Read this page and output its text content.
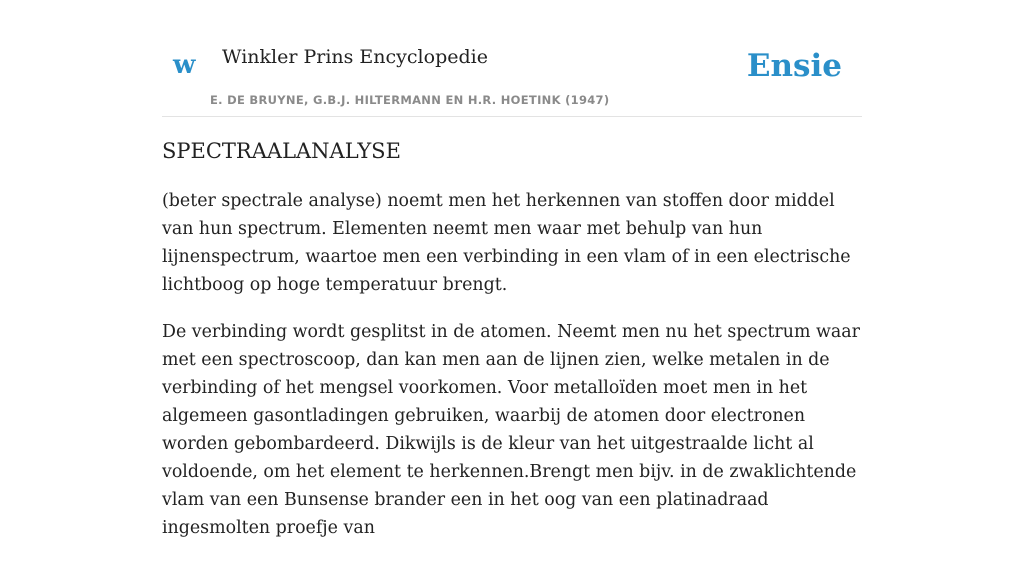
w Winkler Prins Encyclopedie
E. DE BRUYNE, G.B.J. HILTERMANN EN H.R. HOETINK (1947)
Ensie
SPECTRAALANALYSE

(beter spectrale analyse) noemt men het herkennen van stoffen door middel van hun spectrum. Elementen neemt men waar met behulp van hun lijnenspectrum, waartoe men een verbinding in een vlam of in een electrische lichtboog op hoge temperatuur brengt.

De verbinding wordt gesplitst in de atomen. Neemt men nu het spectrum waar met een spectroscoop, dan kan men aan de lijnen zien, welke metalen in de verbinding of het mengsel voorkomen. Voor metalloïden moet men in het algemeen gasontladingen gebruiken, waarbij de atomen door electronen worden gebombardeerd. Dikwijls is de kleur van het uitgestraalde licht al voldoende, om het element te herkennen.Brengt men bijv. in de zwaklichtende vlam van een Bunsense brander een in het oog van een platinadraad ingesmolten proefje van
